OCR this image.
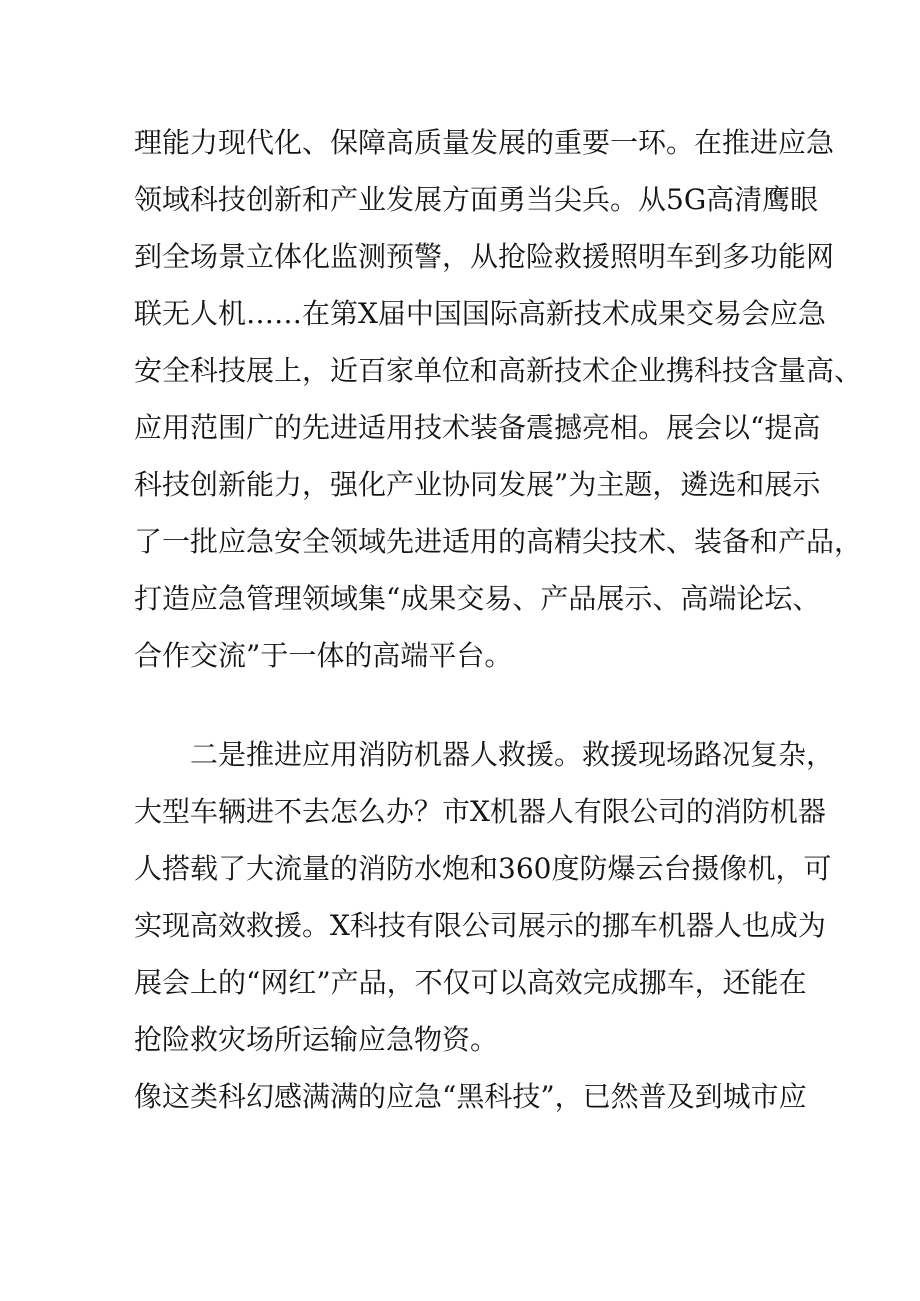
理能力现代化、保障高质量发展的重要一环。在推进应急
领域科技创新和产业发展方面勇当尖兵。从5G高清鹰眼
到全场景立体化监测预警，从抢险救援照明车到多功能网
联无人机……在第X届中国国际高新技术成果交易会应急
安全科技展上，近百家单位和高新技术企业携科技含量高、
应用范围广的先进适用技术装备震撼亮相。展会以“提高
科技创新能力，强化产业协同发展”为主题，遴选和展示
了一批应急安全领域先进适用的高精尖技术、装备和产品，
打造应急管理领域集“成果交易、产品展示、高端论坛、
合作交流”于一体的高端平台。
二是推进应用消防机器人救援。救援现场路况复杂，
大型车辆进不去怎么办？市X机器人有限公司的消防机器
人搭载了大流量的消防水炮和360度防爆云台摄像机，可
实现高效救援。X科技有限公司展示的挪车机器人也成为
展会上的“网红”产品，不仅可以高效完成挪车，还能在
抢险救灾场所运输应急物资。
像这类科幻感满满的应急“黑科技”，已然普及到城市应
